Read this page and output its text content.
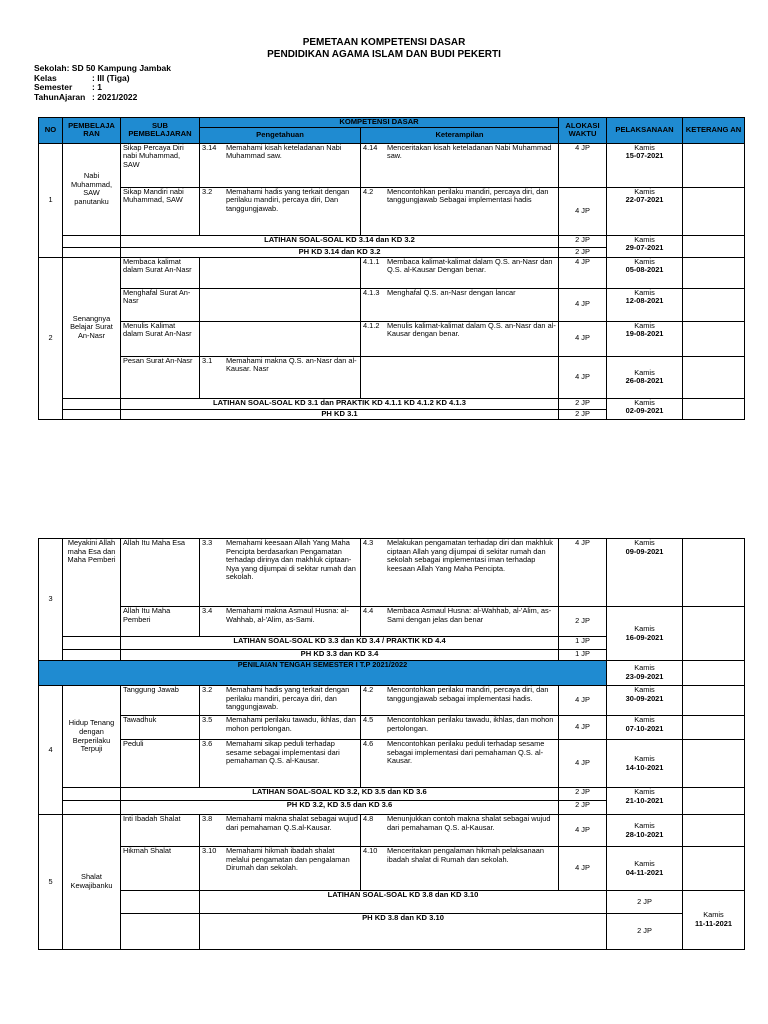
PEMETAAN KOMPETENSI DASAR
PENDIDIKAN AGAMA ISLAM DAN BUDI PEKERTI
Sekolah: SD 50 Kampung Jambak
Kelas	: III (Tiga)
Semester	: 1
TahunAjaran : 2021/2022
NO	PEMBELAJA RAN	SUB PEMBELAJARAN	KOMPETENSI DASAR		ALOKASI WAKTU	PELAKSANAAN	KETERANG AN
			Pengetahuan	Keterampilan			
1	Nabi Muhammad, SAW panutanku	Sikap Percaya Diri nabi Muhammad, SAW	3.14 Memahami kisah keteladanan Nabi Muhammad saw.	4.14 Menceritakan kisah keteladanan Nabi Muhammad saw.	4 JP	Kamis
15-07-2021	

		Sikap Mandiri nabi Muhammad, SAW	3.2 Memahami hadis yang terkait dengan perilaku mandiri, percaya diri, Dan tanggungjawab.	4.2 Mencontohkan perilaku mandiri, percaya diri, dan tanggungjawab Sebagai implementasi hadis	4 JP	Kamis
22-07-2021	

		LATIHAN SOAL-SOAL KD 3.14 dan KD 3.2			2 JP	Kamis
29-07-2021	

		PH KD 3.14 dan KD 3.2			2 JP		
2	Senangnya Belajar Surat An-Nasr	Membaca kalimat dalam Surat An-Nasr		4.1.1 Membaca kalimat-kalimat dalam Q.S. an-Nasr dan Q.S. al-Kausar Dengan benar.	4 JP	Kamis
05-08-2021	

		Menghafal Surat An-Nasr		4.1.3 Menghafal Q.S. an-Nasr dengan lancar	4 JP	Kamis
12-08-2021	

		Menulis Kalimat dalam Surat An-Nasr		4.1.2 Menulis kalimat-kalimat dalam Q.S. an-Nasr dan al-Kausar dengan benar.	4 JP	Kamis
19-08-2021	

		Pesan Surat An-Nasr	3.1 Memahami makna Q.S. an-Nasr dan al-Kausar. Nasr		4 JP	Kamis
26-08-2021	

		LATIHAN SOAL-SOAL KD 3.1 dan PRAKTIK KD 4.1.1 KD 4.1.2 KD 4.1.3			2 JP	Kamis
02-09-2021	

		PH KD 3.1			2 JP		
3	Meyakini Allah maha Esa dan Maha Pemberi	Allah Itu Maha Esa	3.3 Memahami keesaan Allah Yang Maha Pencipta berdasarkan Pengamatan terhadap dirinya dan makhluk ciptaan-Nya yang dijumpai di sekitar rumah dan sekolah.	4.3 Melakukan pengamatan terhadap diri dan makhluk ciptaan Allah yang dijumpai di sekitar rumah dan sekolah sebagai implementasi iman terhadap keesaan Allah Yang Maha Pencipta.	4 JP	Kamis
09-09-2021		

		Allah Itu Maha Pemberi	3.4 Memahami makna Asmaul Husna: al-Wahhab, al-'Alim, as-Sami.	4.4 Membaca Asmaul Husna: al-Wahhab, al-'Alim, as-Sami dengan jelas dan benar	2 JP	Kamis
16-09-2021		

		LATIHAN SOAL-SOAL KD 3.3 dan KD 3.4 / PRAKTIK KD 4.4			1 JP			
		PH KD 3.3 dan KD 3.4			1 JP			
PENILAIAN TENGAH SEMESTER I T.P 2021/2022						Kamis
23-09-2021		

4	Hidup Tenang dengan Berperilaku Terpuji	Tanggung Jawab	3.2 Memahami hadis yang terkait dengan perilaku mandiri, percaya diri, dan tanggungjawab.	4.2 Mencontohkan perilaku mandiri, percaya diri, dan tanggungjawab sebagai implementasi hadis.	4 JP	Kamis
30-09-2021		

		Tawadhuk	3.5 Memahami perilaku tawadu, ikhlas, dan mohon pertolongan.	4.5 Mencontohkan perilaku tawadu, ikhlas, dan mohon pertolongan.	4 JP	Kamis
07-10-2021		

		Peduli	3.6 Memahami sikap peduli terhadap sesame sebagai implementasi dari pemahaman Q.S. al-Kausar.	4.6 Mencontohkan perilaku peduli terhadap sesame sebagai implementasi dari pemahaman Q.S. al-Kausar.	4 JP	Kamis
14-10-2021		

		LATIHAN SOAL-SOAL KD 3.2, KD 3.5 dan KD 3.6			2 JP	Kamis
21-10-2021		

		PH KD 3.2, KD 3.5 dan KD 3.6			2 JP			
5	Shalat Kewajibanku	Inti Ibadah Shalat	3.8 Memahami makna shalat sebagai wujud dari pemahaman Q.S.al-Kausar.	4.8 Menunjukkan contoh makna shalat sebagai wujud dari pemahaman Q.S. al-Kausar.	4 JP	Kamis
28-10-2021		

		Hikmah Shalat	3.10 Memahami hikmah ibadah shalat melalui pengamatan dan pengalaman Dirumah dan sekolah.	4.10 Menceritakan pengalaman hikmah pelaksanaan ibadah shalat di Rumah dan sekolah.	4 JP	Kamis
04-11-2021		

			LATIHAN SOAL-SOAL KD 3.8 dan KD 3.10			2 JP	Kamis
11-11-2021	

			PH KD 3.8 dan KD 3.10			2 JP		
